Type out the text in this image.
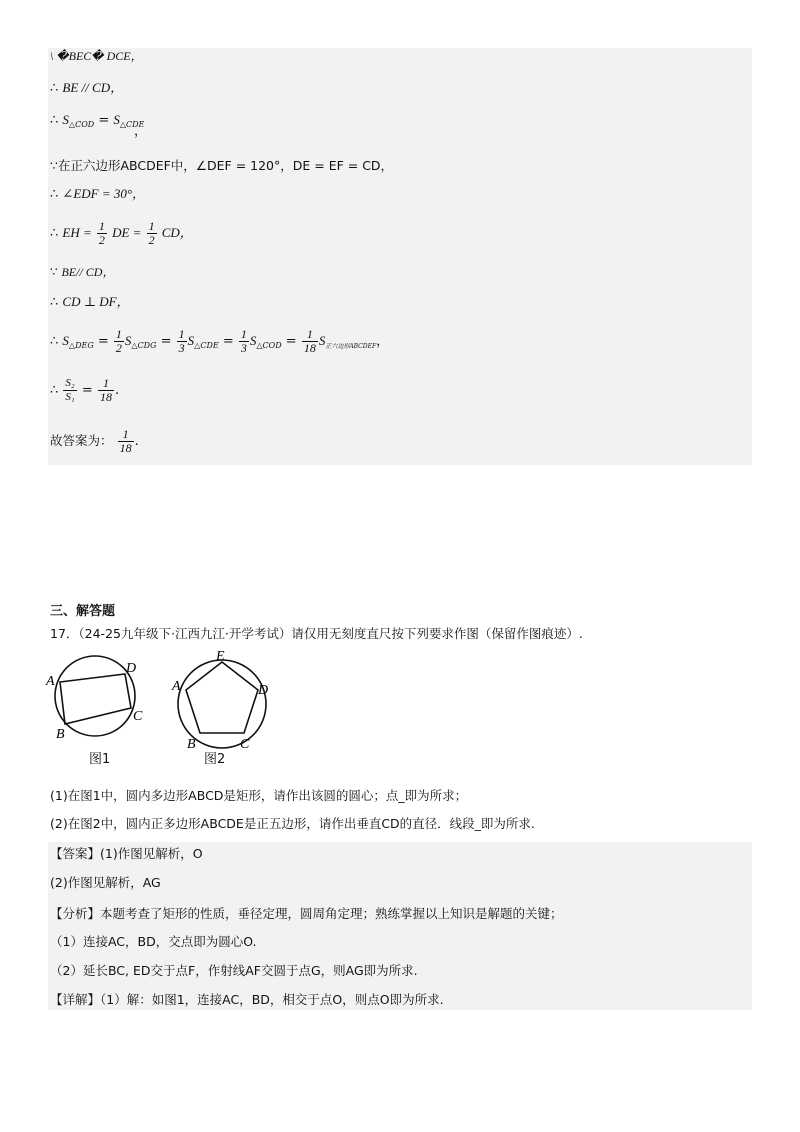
\ �BEC� DCE，
∴ BE // CD，
∴ $S_{\triangle COD} = S_{\triangle CDE}$
，
∵在正六边形ABCDEF中，∠DEF = 120°，DE = EF = CD，
∴ ∠EDF = 30°，
∴ EH = $\frac{1}{2}$ DE = $\frac{1}{2}$ CD，
∵ BE// CD，
∴ CD ⊥ DF，
∴ $S_{\triangle DEG} = \frac{1}{2} S_{\triangle CDG} = \frac{1}{3} S_{\triangle CDE} = \frac{1}{3} S_{\triangle COD} = \frac{1}{18} S_{正六边形ABCDEF}$，
∴ $\frac{\text{S₂}}{\text{S₁}} = \frac{1}{18}$ .
故答案为： $\frac{1}{18}$ .
三、解答题
17．（24-25九年级下·江西九江·开学考试）请仅用无刻度直尺按下列要求作图（保留作图痕迹）.
A
D
C
B
E
A	D
B	C
图1	图2
(1)在图1中，圆内多边形ABCD是矩形，请作出该圆的圆心；点_即为所求；
(2)在图2中，圆内正多边形ABCDE是正五边形，请作出垂直CD的直径．线段_即为所求.
【答案】(1)作图见解析，O
(2)作图见解析，AG
【分析】本题考查了矩形的性质，垂径定理，圆周角定理；熟练掌握以上知识是解题的关键；
（1）连接AC，BD，交点即为圆心O.
（2）延长BC, ED交于点F，作射线AF交圆于点G，则AG即为所求.
【详解】（1）解：如图1，连接AC，BD，相交于点O，则点O即为所求.
